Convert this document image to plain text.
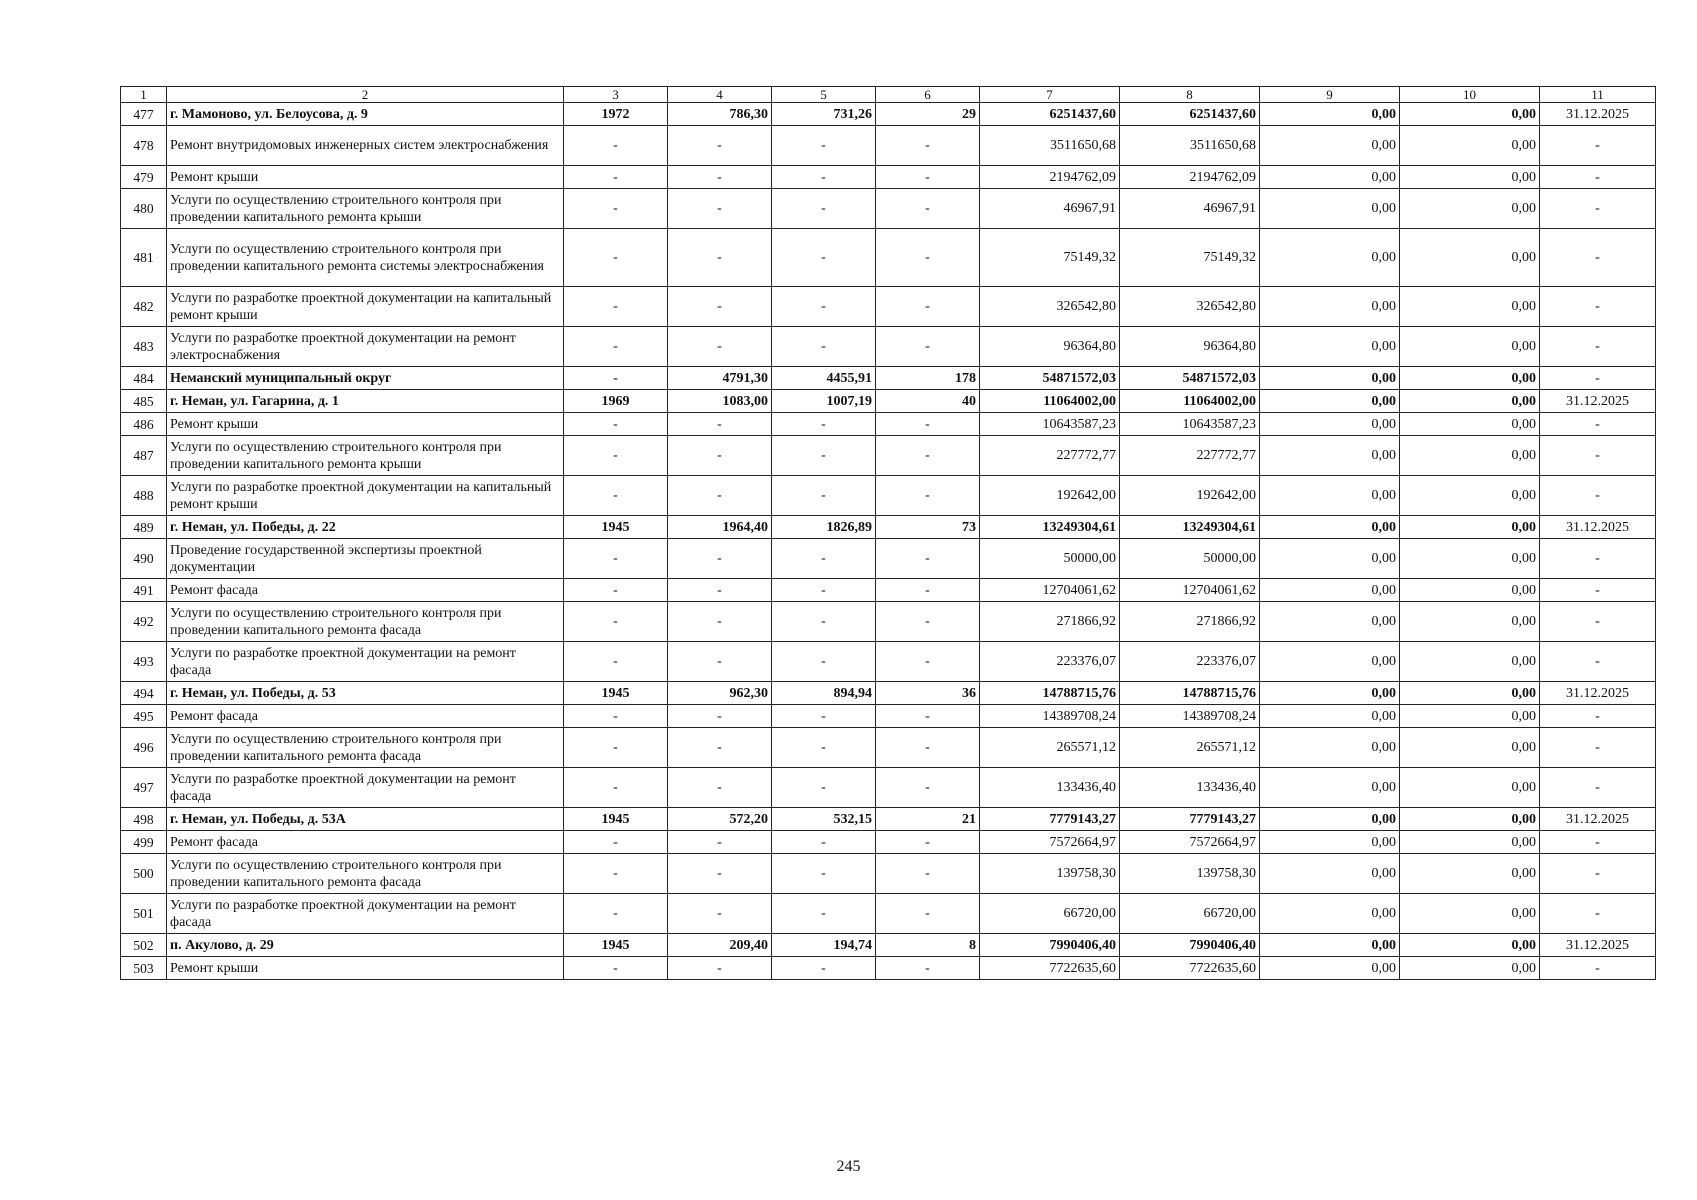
1	2	3	4	5	6	7	8	9	10	11
477	г. Мамоново, ул. Белоусова, д. 9	1972	786,30	731,26	29	6251437,60	6251437,60	0,00	0,00	31.12.2025
478	Ремонт внутридомовых инженерных систем электроснабжения	-	-	-	-	3511650,68	3511650,68	0,00	0,00	-
479	Ремонт крыши	-	-	-	-	2194762,09	2194762,09	0,00	0,00	-
480	Услуги по осуществлению строительного контроля при проведении капитального ремонта крыши	-	-	-	-	46967,91	46967,91	0,00	0,00	-
481	Услуги по осуществлению строительного контроля при проведении капитального ремонта системы электроснабжения	-	-	-	-	75149,32	75149,32	0,00	0,00	-
482	Услуги по разработке проектной документации на капитальный ремонт крыши	-	-	-	-	326542,80	326542,80	0,00	0,00	-
483	Услуги по разработке проектной документации на ремонт электроснабжения	-	-	-	-	96364,80	96364,80	0,00	0,00	-
484	Неманский муниципальный округ	-	4791,30	4455,91	178	54871572,03	54871572,03	0,00	0,00	-
485	г. Неман, ул. Гагарина, д. 1	1969	1083,00	1007,19	40	11064002,00	11064002,00	0,00	0,00	31.12.2025
486	Ремонт крыши	-	-	-	-	10643587,23	10643587,23	0,00	0,00	-
487	Услуги по осуществлению строительного контроля при проведении капитального ремонта крыши	-	-	-	-	227772,77	227772,77	0,00	0,00	-
488	Услуги по разработке проектной документации на капитальный ремонт крыши	-	-	-	-	192642,00	192642,00	0,00	0,00	-
489	г. Неман, ул. Победы, д. 22	1945	1964,40	1826,89	73	13249304,61	13249304,61	0,00	0,00	31.12.2025
490	Проведение государственной экспертизы проектной документации	-	-	-	-	50000,00	50000,00	0,00	0,00	-
491	Ремонт фасада	-	-	-	-	12704061,62	12704061,62	0,00	0,00	-
492	Услуги по осуществлению строительного контроля при проведении капитального ремонта фасада	-	-	-	-	271866,92	271866,92	0,00	0,00	-
493	Услуги по разработке проектной документации на ремонт фасада	-	-	-	-	223376,07	223376,07	0,00	0,00	-
494	г. Неман, ул. Победы, д. 53	1945	962,30	894,94	36	14788715,76	14788715,76	0,00	0,00	31.12.2025
495	Ремонт фасада	-	-	-	-	14389708,24	14389708,24	0,00	0,00	-
496	Услуги по осуществлению строительного контроля при проведении капитального ремонта фасада	-	-	-	-	265571,12	265571,12	0,00	0,00	-
497	Услуги по разработке проектной документации на ремонт фасада	-	-	-	-	133436,40	133436,40	0,00	0,00	-
498	г. Неман, ул. Победы, д. 53А	1945	572,20	532,15	21	7779143,27	7779143,27	0,00	0,00	31.12.2025
499	Ремонт фасада	-	-	-	-	7572664,97	7572664,97	0,00	0,00	-
500	Услуги по осуществлению строительного контроля при проведении капитального ремонта фасада	-	-	-	-	139758,30	139758,30	0,00	0,00	-
501	Услуги по разработке проектной документации на ремонт фасада	-	-	-	-	66720,00	66720,00	0,00	0,00	-
502	п. Акулово, д. 29	1945	209,40	194,74	8	7990406,40	7990406,40	0,00	0,00	31.12.2025
503	Ремонт крыши	-	-	-	-	7722635,60	7722635,60	0,00	0,00	-
245
